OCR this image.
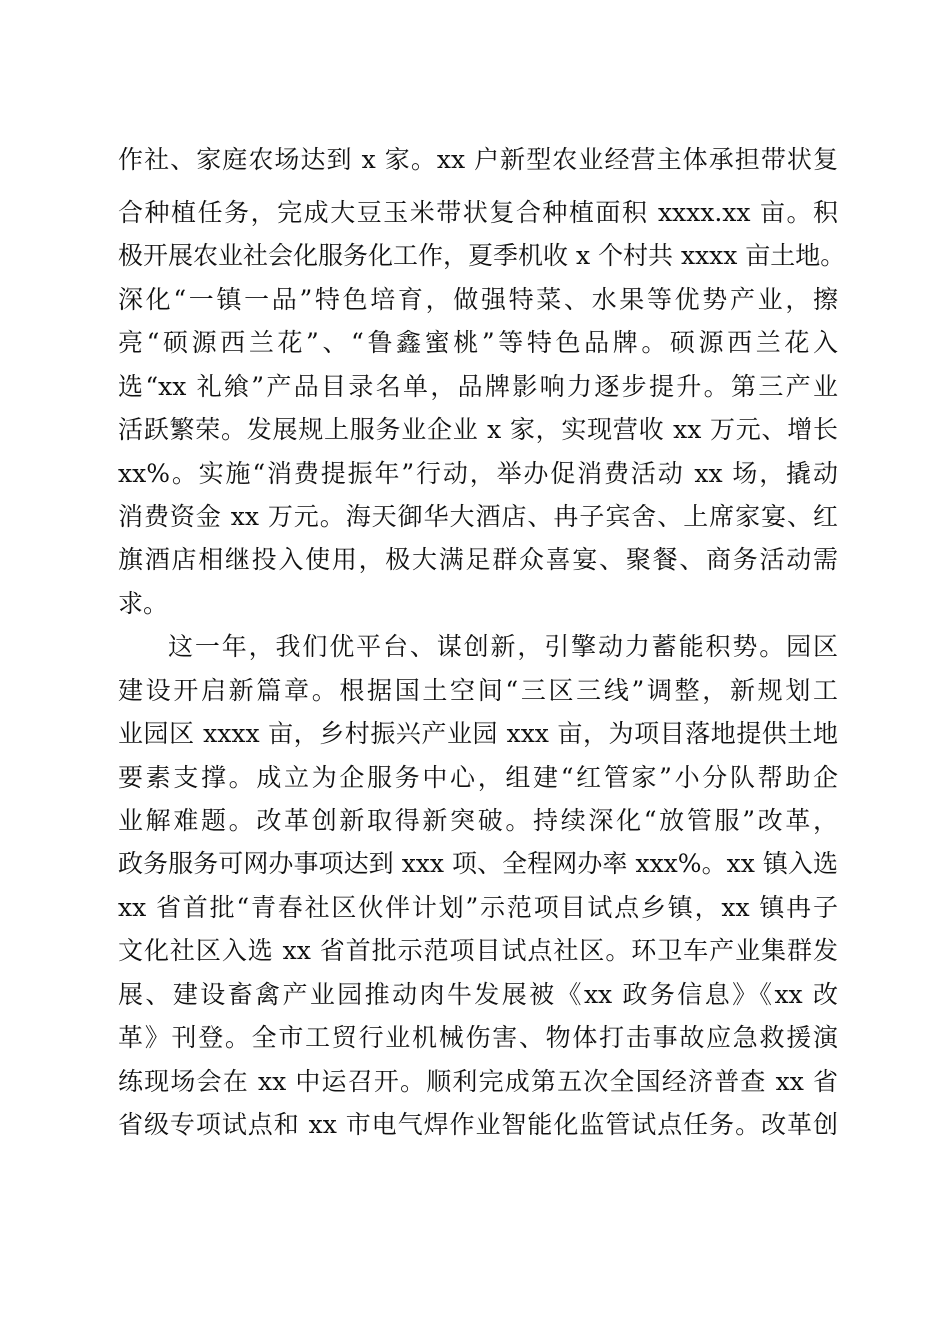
作社、家庭农场达到 x 家。xx 户新型农业经营主体承担带状复
合种植任务，完成大豆玉米带状复合种植面积 xxxx.xx 亩。积
极开展农业社会化服务化工作，夏季机收 x 个村共 xxxx 亩土地。
深化“一镇一品”特色培育，做强特菜、水果等优势产业，擦
亮“硕源西兰花”、“鲁鑫蜜桃”等特色品牌。硕源西兰花入
选“xx 礼飨”产品目录名单，品牌影响力逐步提升。第三产业
活跃繁荣。发展规上服务业企业 x 家，实现营收 xx 万元、增长
xx%。实施“消费提振年”行动，举办促消费活动 xx 场，撬动
消费资金 xx 万元。海天御华大酒店、冉子宾舍、上席家宴、红
旗酒店相继投入使用，极大满足群众喜宴、聚餐、商务活动需
求。
这一年，我们优平台、谋创新，引擎动力蓄能积势。园区
建设开启新篇章。根据国土空间“三区三线”调整，新规划工
业园区 xxxx 亩，乡村振兴产业园 xxx 亩，为项目落地提供土地
要素支撑。成立为企服务中心，组建“红管家”小分队帮助企
业解难题。改革创新取得新突破。持续深化“放管服”改革，
政务服务可网办事项达到 xxx 项、全程网办率 xxx%。xx 镇入选
xx 省首批“青春社区伙伴计划”示范项目试点乡镇，xx 镇冉子
文化社区入选 xx 省首批示范项目试点社区。环卫车产业集群发
展、建设畜禽产业园推动肉牛发展被《xx 政务信息》《xx 改
革》刊登。全市工贸行业机械伤害、物体打击事故应急救援演
练现场会在 xx 中运召开。顺利完成第五次全国经济普查 xx 省
省级专项试点和 xx 市电气焊作业智能化监管试点任务。改革创
